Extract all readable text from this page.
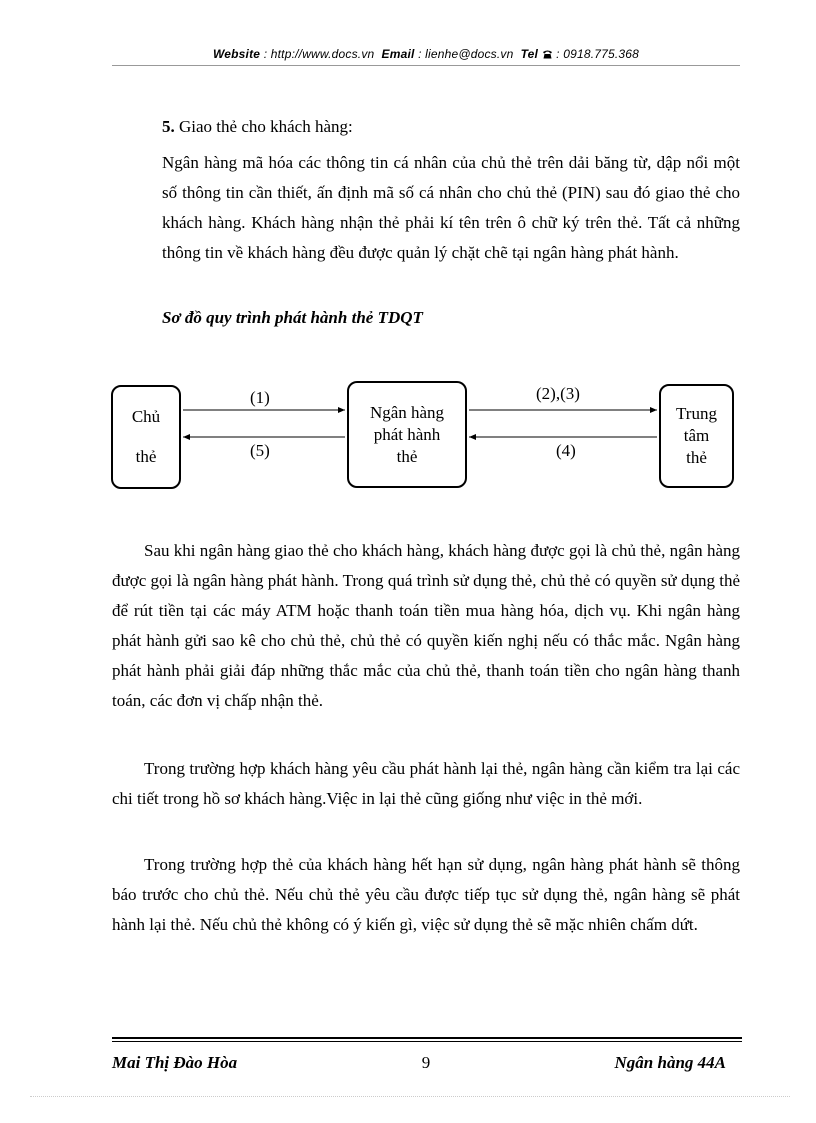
Website : http://www.docs.vn Email : lienhe@docs.vn Tel : 0918.775.368
5. Giao thẻ cho khách hàng:
Ngân hàng mã hóa các thông tin cá nhân của chủ thẻ trên dải băng từ, dập nổi một số thông tin cần thiết, ấn định mã số cá nhân cho chủ thẻ (PIN) sau đó giao thẻ cho khách hàng. Khách hàng nhận thẻ phải kí tên trên ô chữ ký trên thẻ. Tất cả những thông tin về khách hàng đều được quản lý chặt chẽ tại ngân hàng phát hành.
Sơ đồ quy trình phát hành thẻ TDQT
Chủ
thẻ
Ngân hàng
phát hành
thẻ
Trung
tâm
thẻ
(1)
(5)
(2),(3)
(4)
Sau khi ngân hàng giao thẻ cho khách hàng, khách hàng được gọi là chủ thẻ, ngân hàng được gọi là ngân hàng phát hành. Trong quá trình sử dụng thẻ, chủ thẻ có quyền sử dụng thẻ để rút tiền tại các máy ATM hoặc thanh toán tiền mua hàng hóa, dịch vụ. Khi ngân hàng phát hành gửi sao kê cho chủ thẻ, chủ thẻ có quyền kiến nghị nếu có thắc mắc. Ngân hàng phát hành phải giải đáp những thắc mắc của chủ thẻ, thanh toán tiền cho ngân hàng thanh toán, các đơn vị chấp nhận thẻ.
Trong trường hợp khách hàng yêu cầu phát hành lại thẻ, ngân hàng cần kiểm tra lại các chi tiết trong hồ sơ khách hàng.Việc in lại thẻ cũng giống như việc in thẻ mới.
Trong trường hợp thẻ của khách hàng hết hạn sử dụng, ngân hàng phát hành sẽ thông báo trước cho chủ thẻ. Nếu chủ thẻ yêu cầu được tiếp tục sử dụng thẻ, ngân hàng sẽ phát hành lại thẻ. Nếu chủ thẻ không có ý kiến gì, việc sử dụng thẻ sẽ mặc nhiên chấm dứt.
9
Mai Thị Đào Hòa	Ngân hàng 44A
